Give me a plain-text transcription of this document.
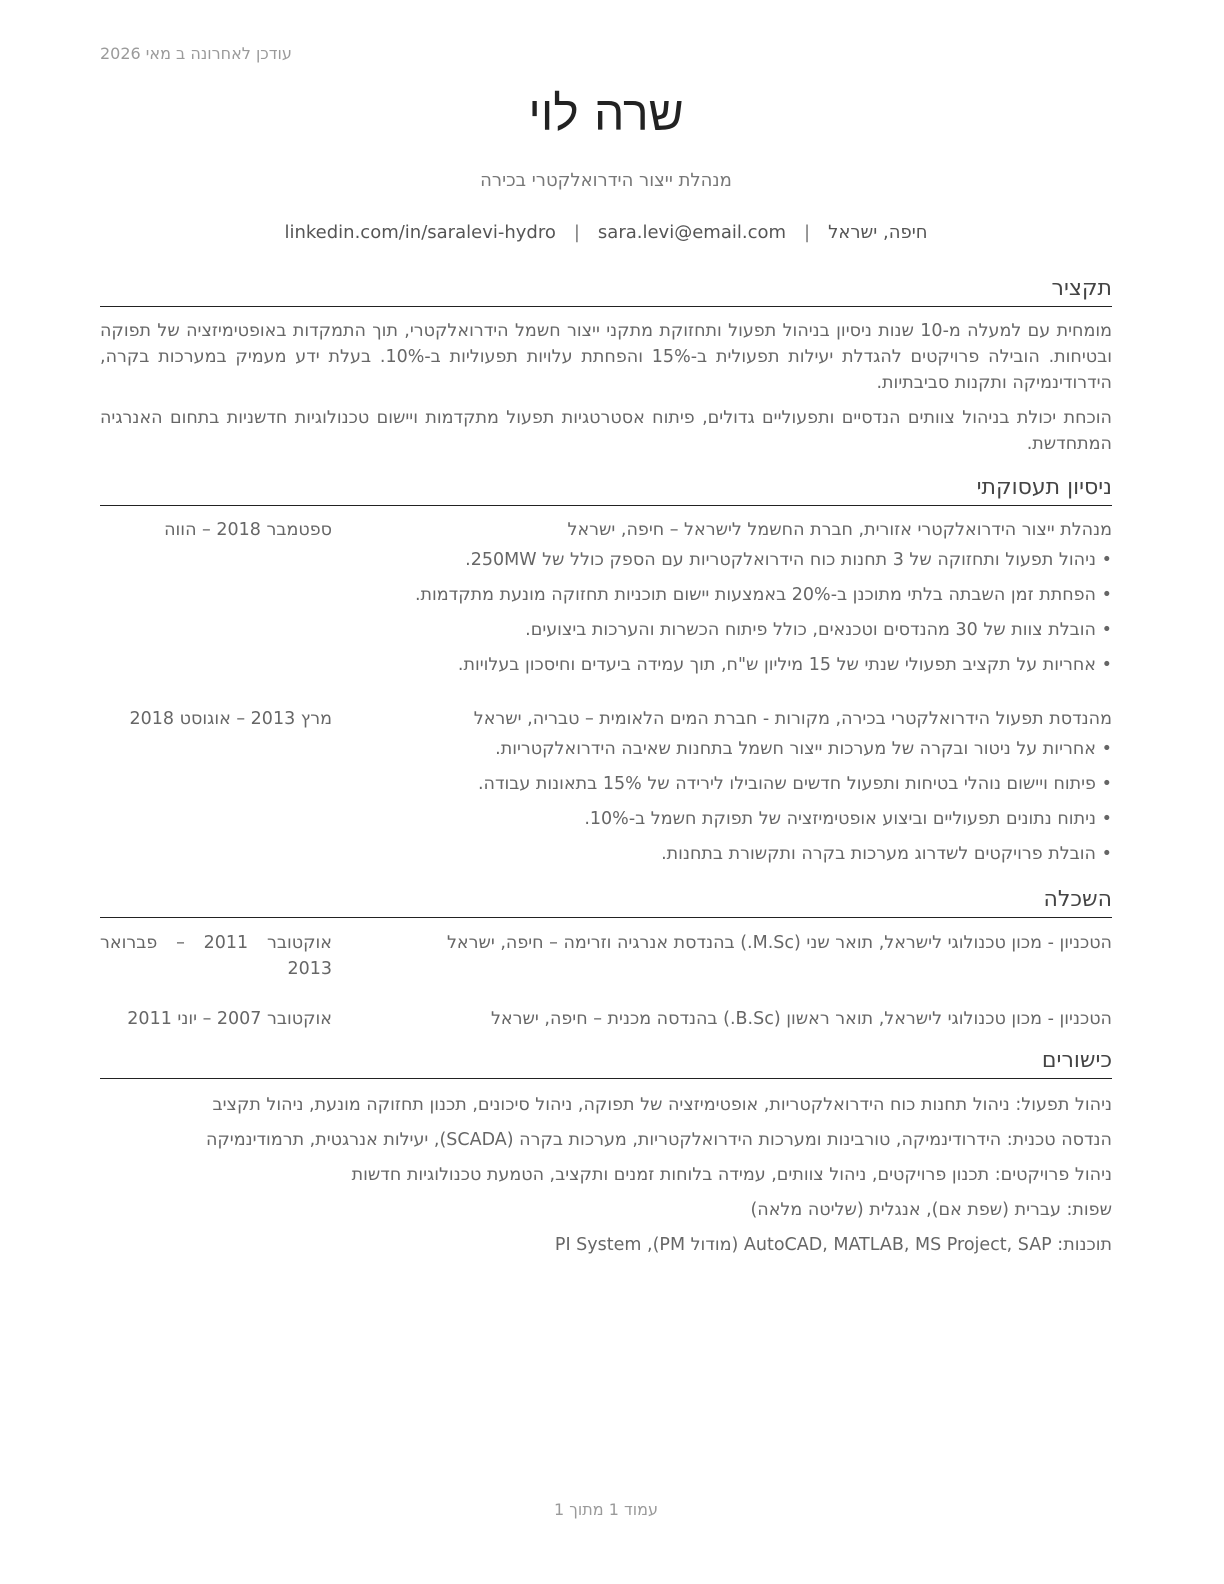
עודכן לאחרונה ב מאי 2026
שרה לוי
מנהלת ייצור הידרואלקטרי בכירה
חיפה, ישראל
|
sara.levi@email.com
|
linkedin.com/in/saralevi-hydro
תקציר

מומחית עם למעלה מ-10 שנות ניסיון בניהול תפעול ותחזוקת מתקני ייצור חשמל הידרואלקטרי, תוך התמקדות באופטימיזציה של תפוקה ובטיחות. הובילה פרויקטים להגדלת יעילות תפעולית ב-15% והפחתת עלויות תפעוליות ב-10%. בעלת ידע מעמיק במערכות בקרה, הידרודינמיקה ותקנות סביבתיות.

הוכחת יכולת בניהול צוותים הנדסיים ותפעוליים גדולים, פיתוח אסטרטגיות תפעול מתקדמות ויישום טכנולוגיות חדשניות בתחום האנרגיה המתחדשת.

ניסיון תעסוקתי
מנהלת ייצור הידרואלקטרי אזורית, חברת החשמל לישראל – חיפה, ישראל
ספטמבר 2018 – הווה
• ניהול תפעול ותחזוקה של 3 תחנות כוח הידרואלקטריות עם הספק כולל של 250MW.
• הפחתת זמן השבתה בלתי מתוכנן ב-20% באמצעות יישום תוכניות תחזוקה מונעת מתקדמות.
• הובלת צוות של 30 מהנדסים וטכנאים, כולל פיתוח הכשרות והערכות ביצועים.
• אחריות על תקציב תפעולי שנתי של 15 מיליון ש"ח, תוך עמידה ביעדים וחיסכון בעלויות.
מהנדסת תפעול הידרואלקטרי בכירה, מקורות - חברת המים הלאומית – טבריה, ישראל
מרץ 2013 – אוגוסט 2018
• אחריות על ניטור ובקרה של מערכות ייצור חשמל בתחנות שאיבה הידרואלקטריות.
• פיתוח ויישום נוהלי בטיחות ותפעול חדשים שהובילו לירידה של 15% בתאונות עבודה.
• ניתוח נתונים תפעוליים וביצוע אופטימיזציה של תפוקת חשמל ב-10%.
• הובלת פרויקטים לשדרוג מערכות בקרה ותקשורת בתחנות.
השכלה
הטכניון - מכון טכנולוגי לישראל, תואר שני (M.Sc.) בהנדסת אנרגיה וזרימה – חיפה, ישראל
אוקטובר 2011 – פברואר 2013
הטכניון - מכון טכנולוגי לישראל, תואר ראשון (B.Sc.) בהנדסה מכנית – חיפה, ישראל
אוקטובר 2007 – יוני 2011
כישורים
ניהול תפעול: ניהול תחנות כוח הידרואלקטריות, אופטימיזציה של תפוקה, ניהול סיכונים, תכנון תחזוקה מונעת, ניהול תקציב
הנדסה טכנית: הידרודינמיקה, טורבינות ומערכות הידרואלקטריות, מערכות בקרה (SCADA), יעילות אנרגטית, תרמודינמיקה
ניהול פרויקטים: תכנון פרויקטים, ניהול צוותים, עמידה בלוחות זמנים ותקציב, הטמעת טכנולוגיות חדשות
שפות: עברית (שפת אם), אנגלית (שליטה מלאה)
תוכנות: AutoCAD, MATLAB, MS Project, SAP (מודול PM), PI System
עמוד 1 מתוך 1
